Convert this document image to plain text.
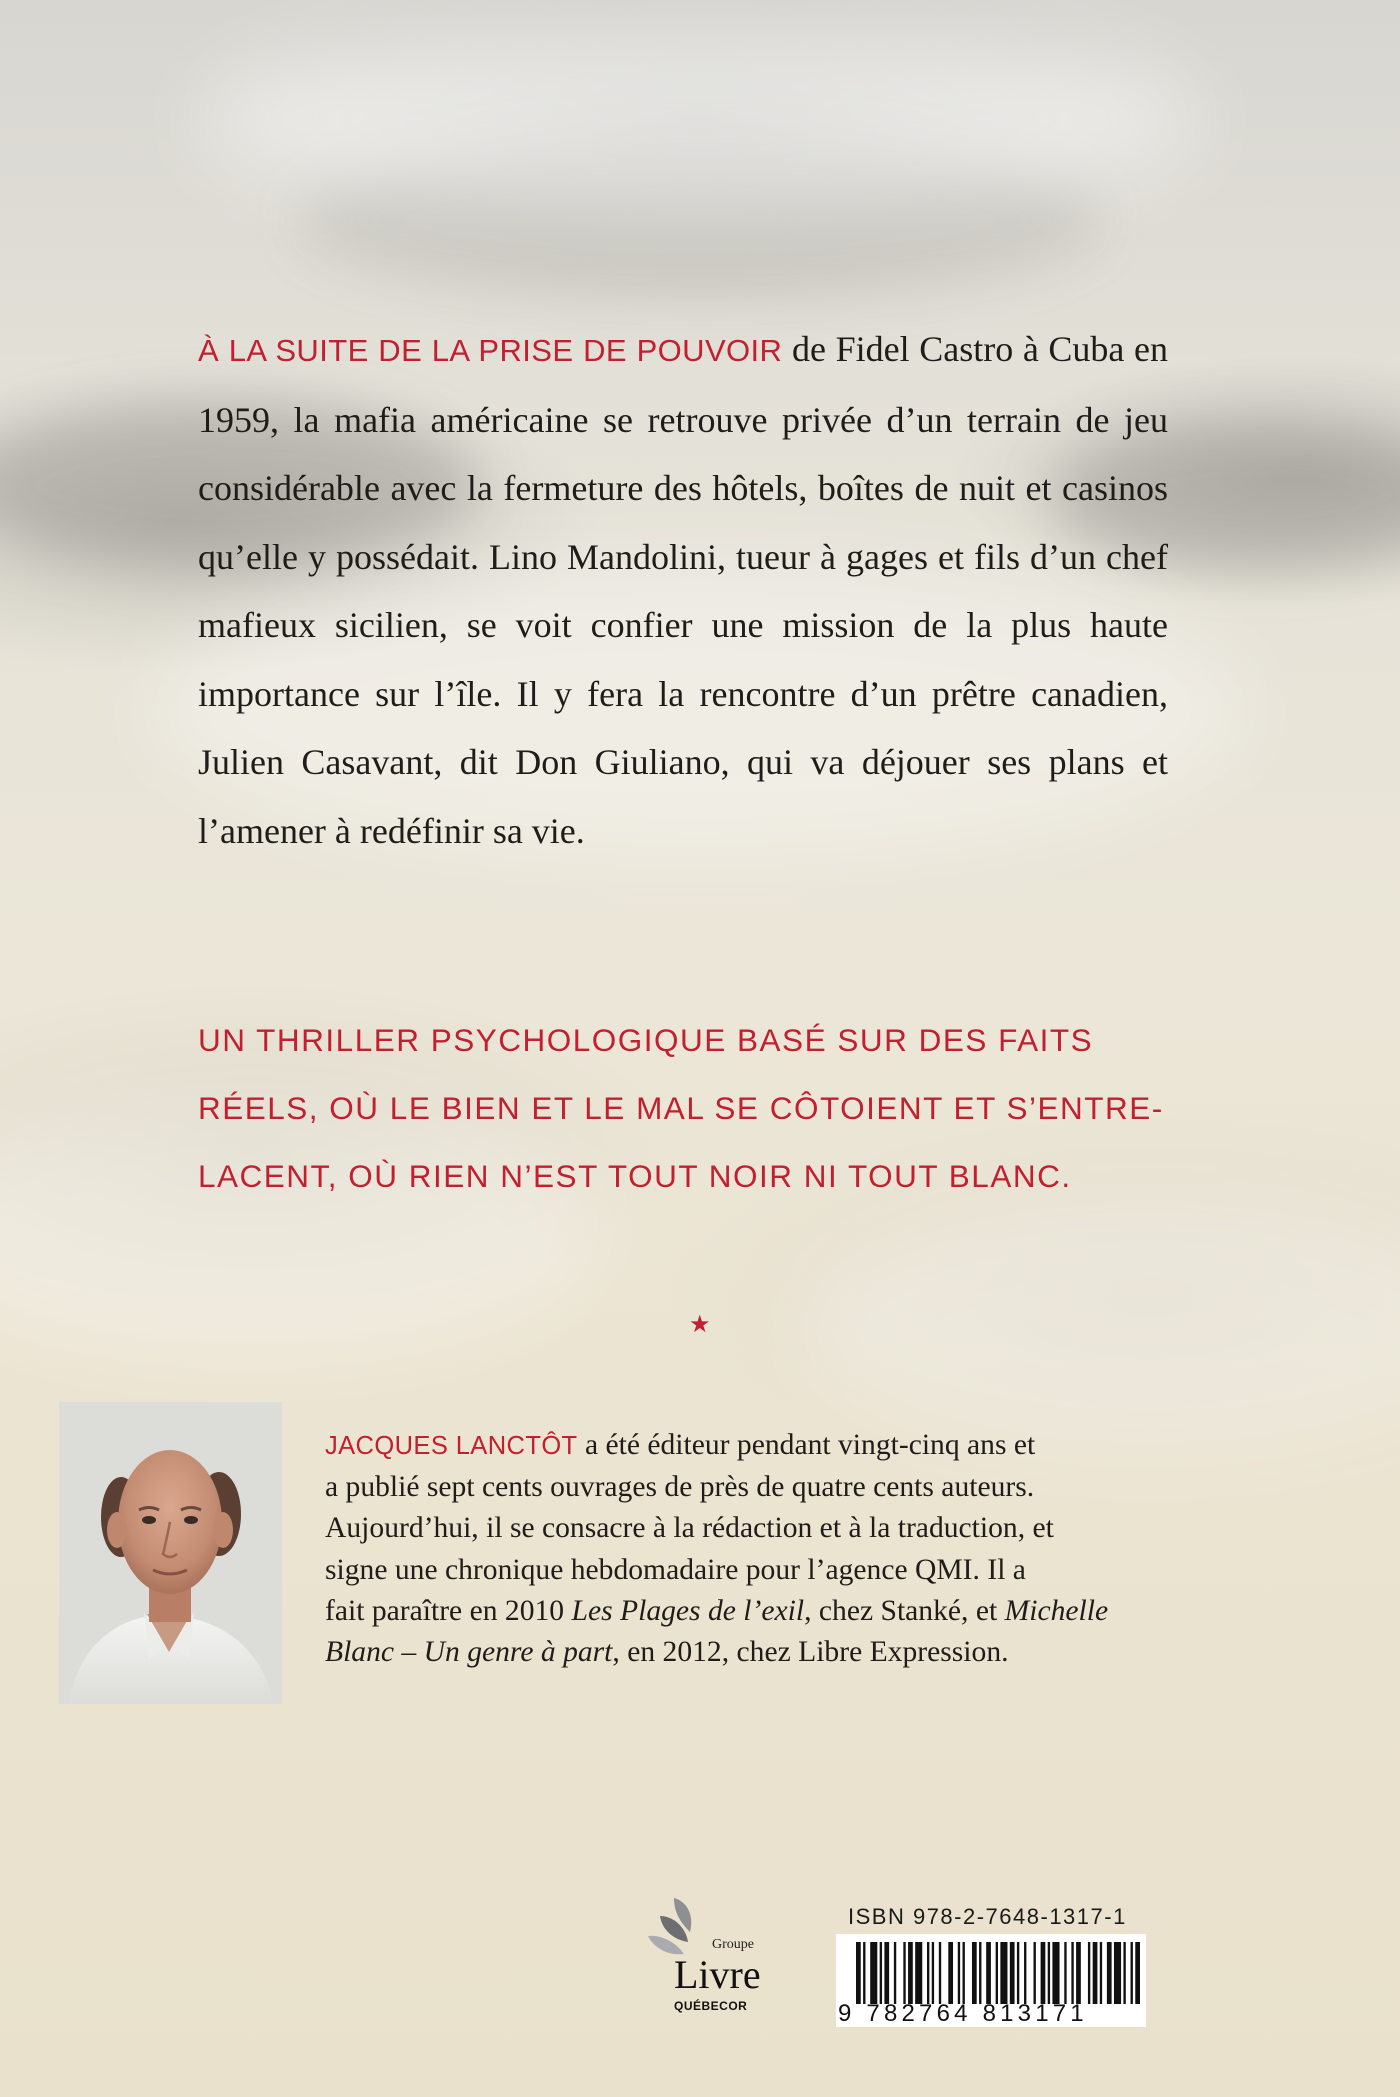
À LA SUITE DE LA PRISE DE POUVOIR de Fidel Castro à Cuba en 1959, la mafia américaine se retrouve privée d’un terrain de jeu considérable avec la fermeture des hôtels, boîtes de nuit et casinos qu’elle y possédait. Lino Mandolini, tueur à gages et fils d’un chef mafieux sicilien, se voit confier une mission de la plus haute importance sur l’île. Il y fera la rencontre d’un prêtre canadien, Julien Casavant, dit Don Giuliano, qui va déjouer ses plans et l’amener à redéfinir sa vie.
UN THRILLER PSYCHOLOGIQUE BASÉ SUR DES FAITS
RÉELS, OÙ LE BIEN ET LE MAL SE CÔTOIENT ET S’ENTRE-
LACENT, OÙ RIEN N’EST TOUT NOIR NI TOUT BLANC.
★
JACQUES LANCTÔT a été éditeur pendant vingt-cinq ans et
a publié sept cents ouvrages de près de quatre cents auteurs.
Aujourd’hui, il se consacre à la rédaction et à la traduction, et
signe une chronique hebdomadaire pour l’agence QMI. Il a
fait paraître en 2010 Les Plages de l’exil, chez Stanké, et Michelle
Blanc – Un genre à part, en 2012, chez Libre Expression.
Groupe
Livre
QUÉBECOR
ISBN 978-2-7648-1317-1
9 782764 813171
